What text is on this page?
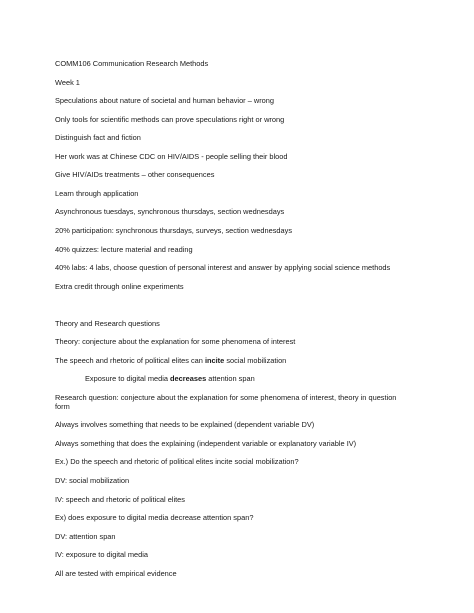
COMM106 Communication Research Methods
Week 1
Speculations about nature of societal and human behavior – wrong
Only tools for scientific methods can prove speculations right or wrong
Distinguish fact and fiction
Her work was at Chinese CDC on HIV/AIDS - people selling their blood
Give HIV/AIDs treatments – other consequences
Learn through application
Asynchronous tuesdays, synchronous thursdays, section wednesdays
20% participation: synchronous thursdays, surveys, section wednesdays
40% quizzes: lecture material and reading
40% labs: 4 labs, choose question of personal interest and answer by applying social science methods
Extra credit through online experiments
Theory and Research questions
Theory: conjecture about the explanation for some phenomena of interest
The speech and rhetoric of political elites can incite social mobilization
Exposure to digital media decreases attention span
Research question: conjecture about the explanation for some phenomena of interest, theory in question form
Always involves something that needs to be explained (dependent variable DV)
Always something that does the explaining (independent variable or explanatory variable IV)
Ex.) Do the speech and rhetoric of political elites incite social mobilization?
DV: social mobilization
IV: speech and rhetoric of political elites
Ex) does exposure to digital media decrease attention span?
DV: attention span
IV: exposure to digital media
All are tested with empirical evidence
